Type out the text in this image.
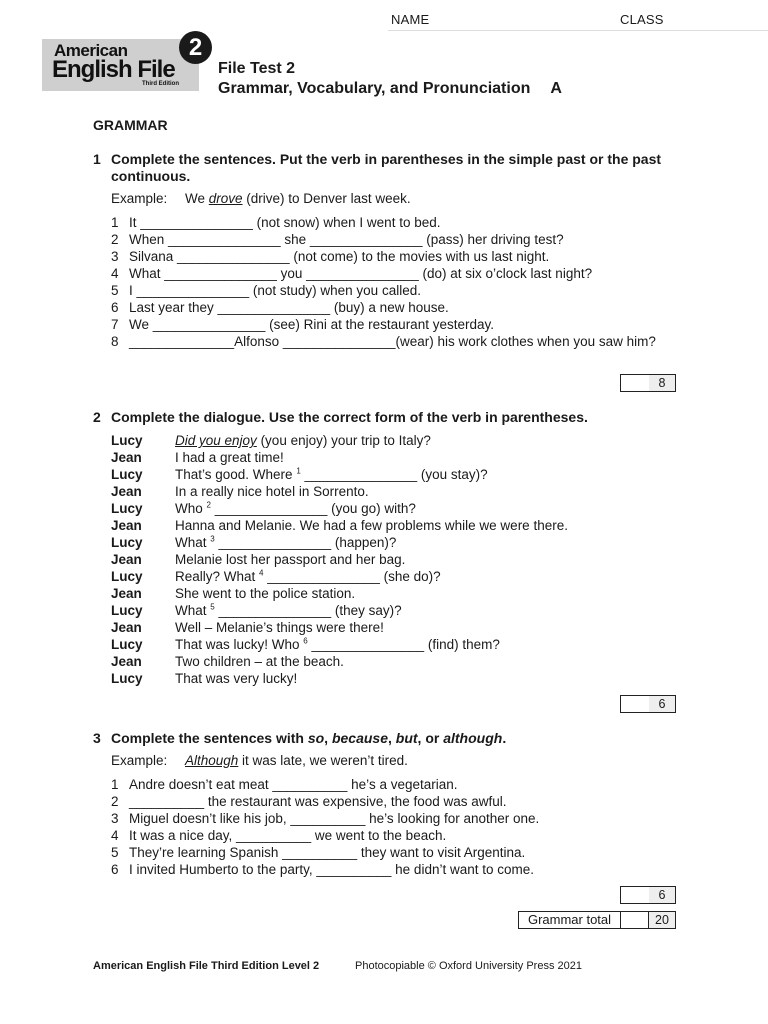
NAME	CLASS
American
English File
Third Edition
2
File Test 2
Grammar, Vocabulary, and Pronunciation A
GRAMMAR
1 Complete the sentences. Put the verb in parentheses in the simple past or the past continuous.
Example: We drove (drive) to Denver last week.
1 It _______________ (not snow) when I went to bed.
2 When _______________ she _______________ (pass) her driving test?
3 Silvana _______________ (not come) to the movies with us last night.
4 What _______________ you _______________ (do) at six o’clock last night?
5 I _______________ (not study) when you called.
6 Last year they _______________ (buy) a new house.
7 We _______________ (see) Rini at the restaurant yesterday.
8 ______________Alfonso _______________(wear) his work clothes when you saw him?
8
2 Complete the dialogue. Use the correct form of the verb in parentheses.
Lucy Did you enjoy (you enjoy) your trip to Italy?
Jean I had a great time!
Lucy That’s good. Where $^1$ _______________ (you stay)?
Jean In a really nice hotel in Sorrento.
Lucy Who $^2$ _______________ (you go) with?
Jean Hanna and Melanie. We had a few problems while we were there.
Lucy What $^3$ _______________ (happen)?
Jean Melanie lost her passport and her bag.
Lucy Really? What $^4$ _______________ (she do)?
Jean She went to the police station.
Lucy What $^5$ _______________ (they say)?
Jean Well – Melanie’s things were there!
Lucy That was lucky! Who $^6$ _______________ (find) them?
Jean Two children – at the beach.
Lucy That was very lucky!
6
3 Complete the sentences with so, because, but, or although.
Example: Although it was late, we weren’t tired.
1 Andre doesn’t eat meat __________ he’s a vegetarian.
2 __________ the restaurant was expensive, the food was awful.
3 Miguel doesn’t like his job, __________ he’s looking for another one.
4 It was a nice day, __________ we went to the beach.
5 They’re learning Spanish __________ they want to visit Argentina.
6 I invited Humberto to the party, __________ he didn’t want to come.
6
Grammar total	20
American English File Third Edition Level 2	Photocopiable © Oxford University Press 2021
